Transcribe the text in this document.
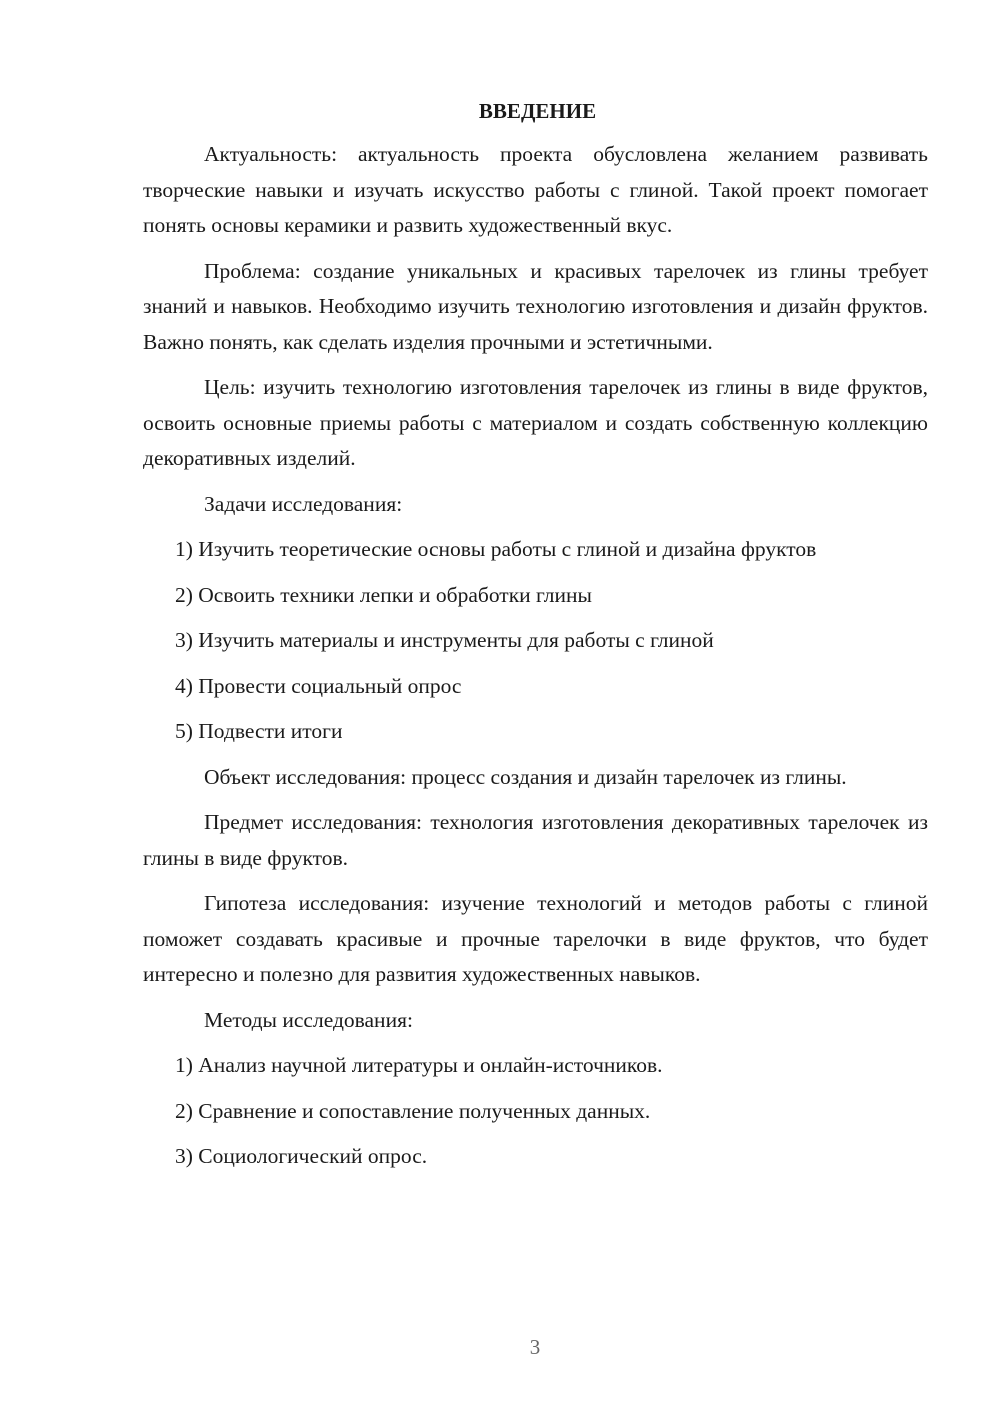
ВВЕДЕНИЕ

Актуальность: актуальность проекта обусловлена желанием развивать творческие навыки и изучать искусство работы с глиной. Такой проект помогает понять основы керамики и развить художественный вкус.

Проблема: создание уникальных и красивых тарелочек из глины требует знаний и навыков. Необходимо изучить технологию изготовления и дизайн фруктов. Важно понять, как сделать изделия прочными и эстетичными.

Цель: изучить технологию изготовления тарелочек из глины в виде фруктов, освоить основные приемы работы с материалом и создать собственную коллекцию декоративных изделий.

Задачи исследования:

1) Изучить теоретические основы работы с глиной и дизайна фруктов

2) Освоить техники лепки и обработки глины

3) Изучить материалы и инструменты для работы с глиной

4) Провести социальный опрос

5) Подвести итоги

Объект исследования: процесс создания и дизайн тарелочек из глины.

Предмет исследования: технология изготовления декоративных тарелочек из глины в виде фруктов.

Гипотеза исследования: изучение технологий и методов работы с глиной поможет создавать красивые и прочные тарелочки в виде фруктов, что будет интересно и полезно для развития художественных навыков.

Методы исследования:

1) Анализ научной литературы и онлайн-источников.

2) Сравнение и сопоставление полученных данных.

3) Социологический опрос.

3
